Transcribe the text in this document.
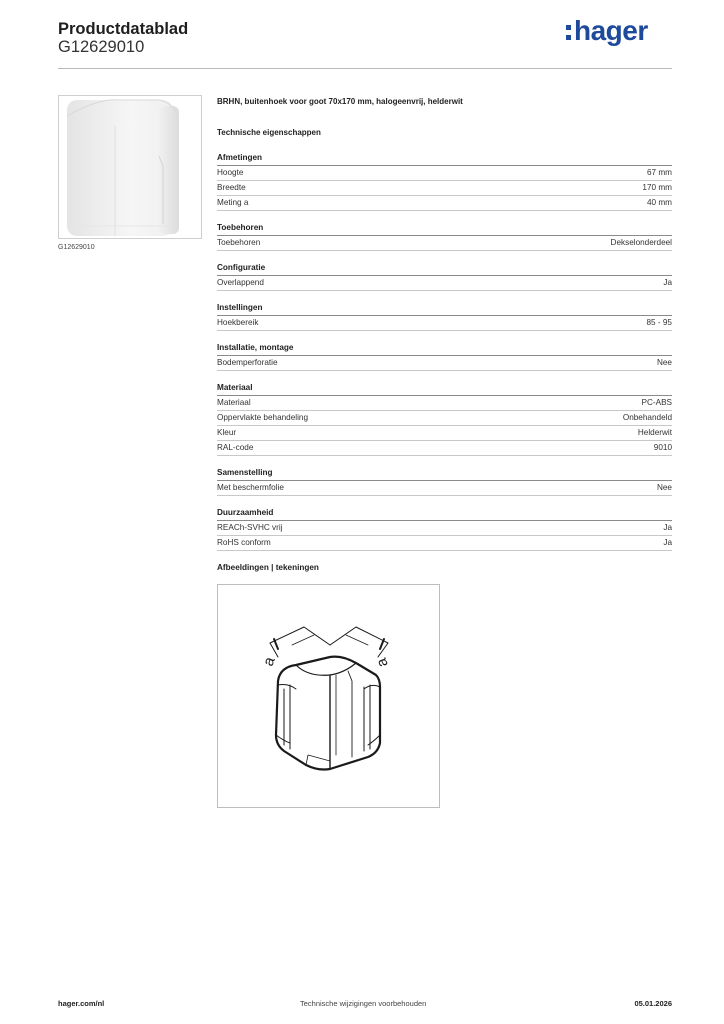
Productdatablad
G12629010
hager
G12629010
BRHN, buitenhoek voor goot 70x170 mm, halogeenvrij, helderwit
Technische eigenschappen
Afmetingen
Hoogte	67 mm
Breedte	170 mm
Meting a	40 mm
Toebehoren
Toebehoren	Dekselonderdeel
Configuratie
Overlappend	Ja
Instellingen
Hoekbereik	85 - 95
Installatie, montage
Bodemperforatie	Nee
Materiaal
Materiaal	PC-ABS
Oppervlakte behandeling	Onbehandeld
Kleur	Helderwit
RAL-code	9010
Samenstelling
Met beschermfolie	Nee
Duurzaamheid
REACh-SVHC vrij	Ja
RoHS conform	Ja
Afbeeldingen | tekeningen
a	a
hager.com/nl	Technische wijzigingen voorbehouden	05.01.2026
